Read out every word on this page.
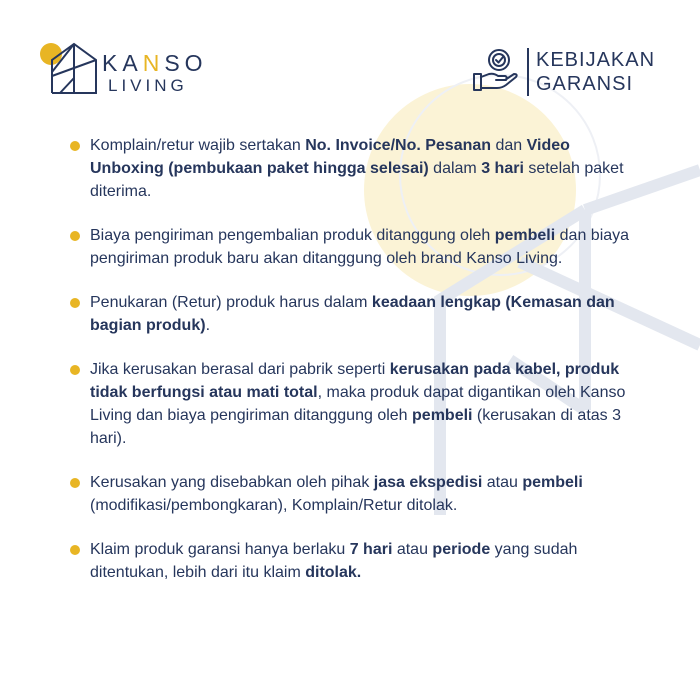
KANSO
LIVING
KEBIJAKAN
GARANSI
Komplain/retur wajib sertakan No. Invoice/No. Pesanan dan Video Unboxing (pembukaan paket hingga selesai) dalam 3 hari setelah paket diterima.
Biaya pengiriman pengembalian produk ditanggung oleh pembeli dan biaya pengiriman produk baru akan ditanggung oleh brand Kanso Living.
Penukaran (Retur) produk harus dalam keadaan lengkap (Kemasan dan bagian produk).
Jika kerusakan berasal dari pabrik seperti kerusakan pada kabel, produk tidak berfungsi atau mati total, maka produk dapat digantikan oleh Kanso Living dan biaya pengiriman ditanggung oleh pembeli (kerusakan di atas 3 hari).
Kerusakan yang disebabkan oleh pihak jasa ekspedisi atau pembeli (modifikasi/pembongkaran), Komplain/Retur ditolak.
Klaim produk garansi hanya berlaku 7 hari atau periode yang sudah ditentukan, lebih dari itu klaim ditolak.
